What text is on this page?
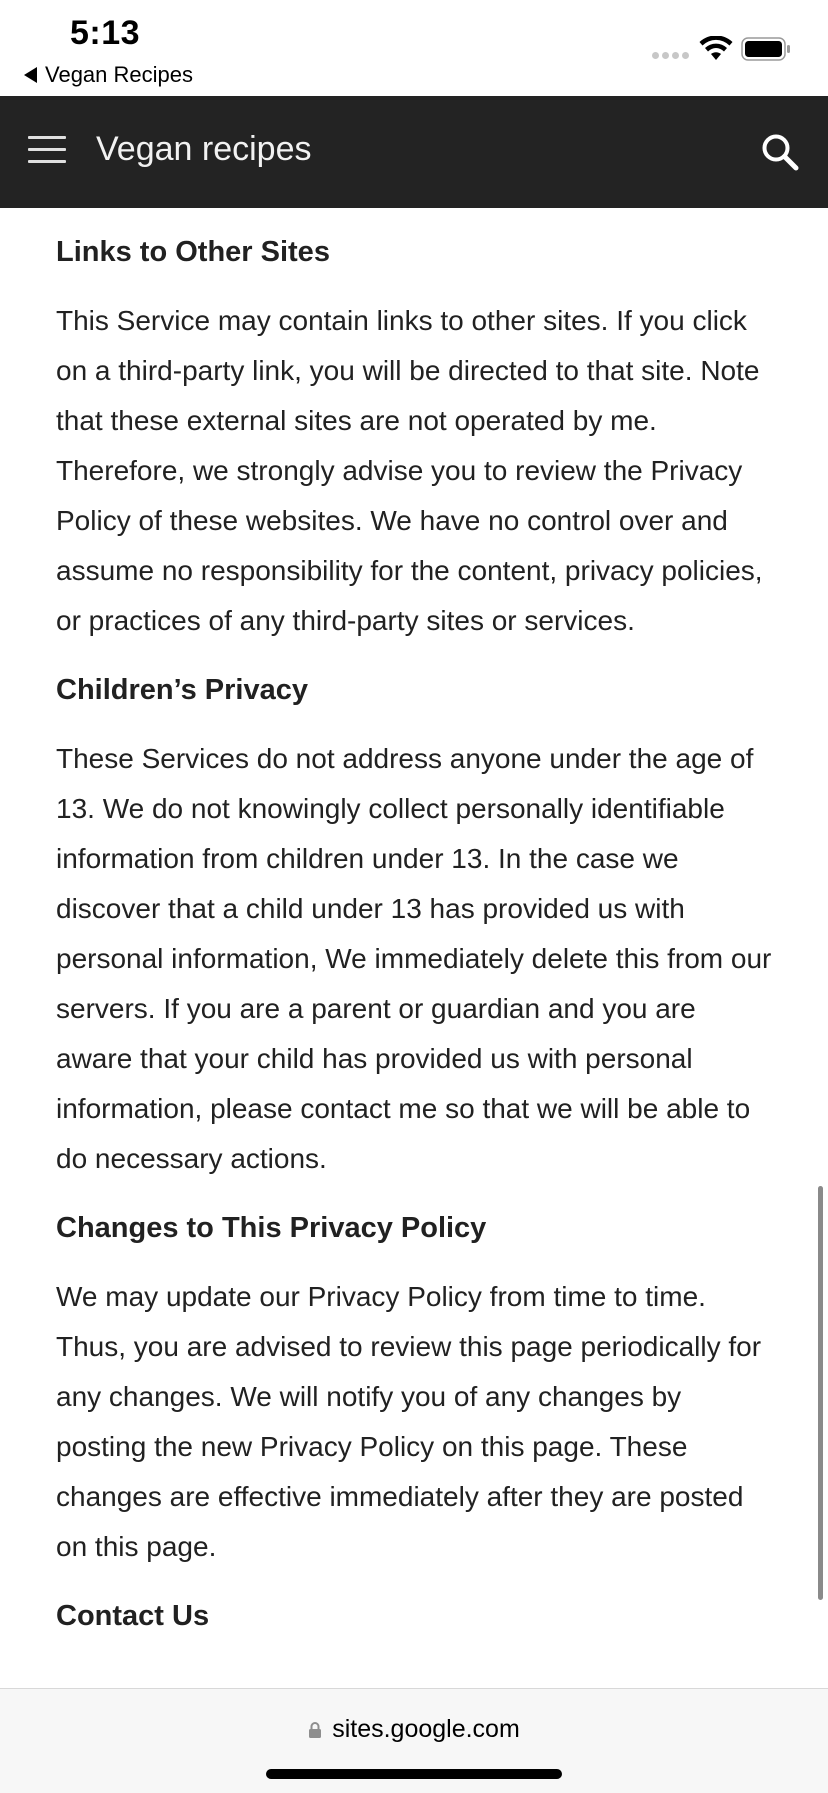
5:13
Vegan Recipes
Vegan recipes
Links to Other Sites

This Service may contain links to other sites. If you click on a third-party link, you will be directed to that site. Note that these external sites are not operated by me. Therefore, we strongly advise you to review the Privacy Policy of these websites. We have no control over and assume no responsibility for the content, privacy policies, or practices of any third-party sites or services.

Children’s Privacy

These Services do not address anyone under the age of 13. We do not knowingly collect personally identifiable information from children under 13. In the case we discover that a child under 13 has provided us with personal information, We immediately delete this from our servers. If you are a parent or guardian and you are aware that your child has provided us with personal information, please contact me so that we will be able to do necessary actions.

Changes to This Privacy Policy

We may update our Privacy Policy from time to time. Thus, you are advised to review this page periodically for any changes. We will notify you of any changes by posting the new Privacy Policy on this page. These changes are effective immediately after they are posted on this page.

Contact Us
sites.google.com
